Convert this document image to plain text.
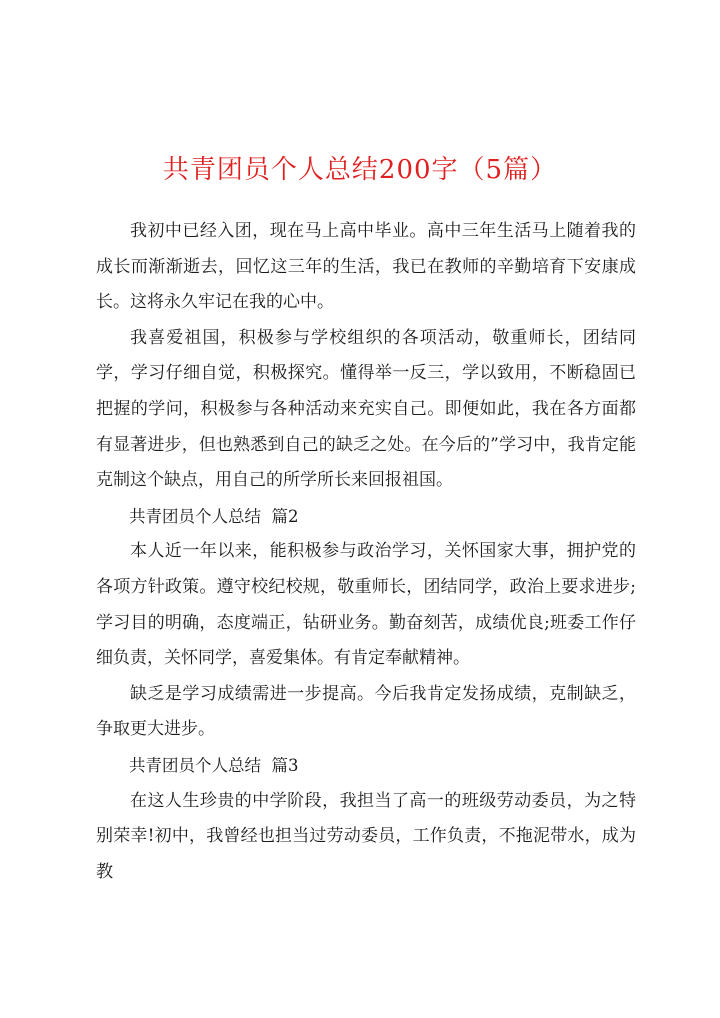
共青团员个人总结200字（5篇）

我初中已经入团，现在马上高中毕业。高中三年生活马上随着我的成长而渐渐逝去，回忆这三年的生活，我已在教师的辛勤培育下安康成长。这将永久牢记在我的心中。

我喜爱祖国，积极参与学校组织的各项活动，敬重师长，团结同学，学习仔细自觉，积极探究。懂得举一反三，学以致用，不断稳固已把握的学问，积极参与各种活动来充实自己。即便如此，我在各方面都有显著进步，但也熟悉到自己的缺乏之处。在今后的”学习中，我肯定能克制这个缺点，用自己的所学所长来回报祖国。

共青团员个人总结  篇2

本人近一年以来，能积极参与政治学习，关怀国家大事，拥护党的各项方针政策。遵守校纪校规，敬重师长，团结同学，政治上要求进步;学习目的明确，态度端正，钻研业务。勤奋刻苦，成绩优良;班委工作仔细负责，关怀同学，喜爱集体。有肯定奉献精神。

缺乏是学习成绩需进一步提高。今后我肯定发扬成绩，克制缺乏，争取更大进步。

共青团员个人总结  篇3

在这人生珍贵的中学阶段，我担当了高一的班级劳动委员，为之特别荣幸!初中，我曾经也担当过劳动委员，工作负责，不拖泥带水，成为教
